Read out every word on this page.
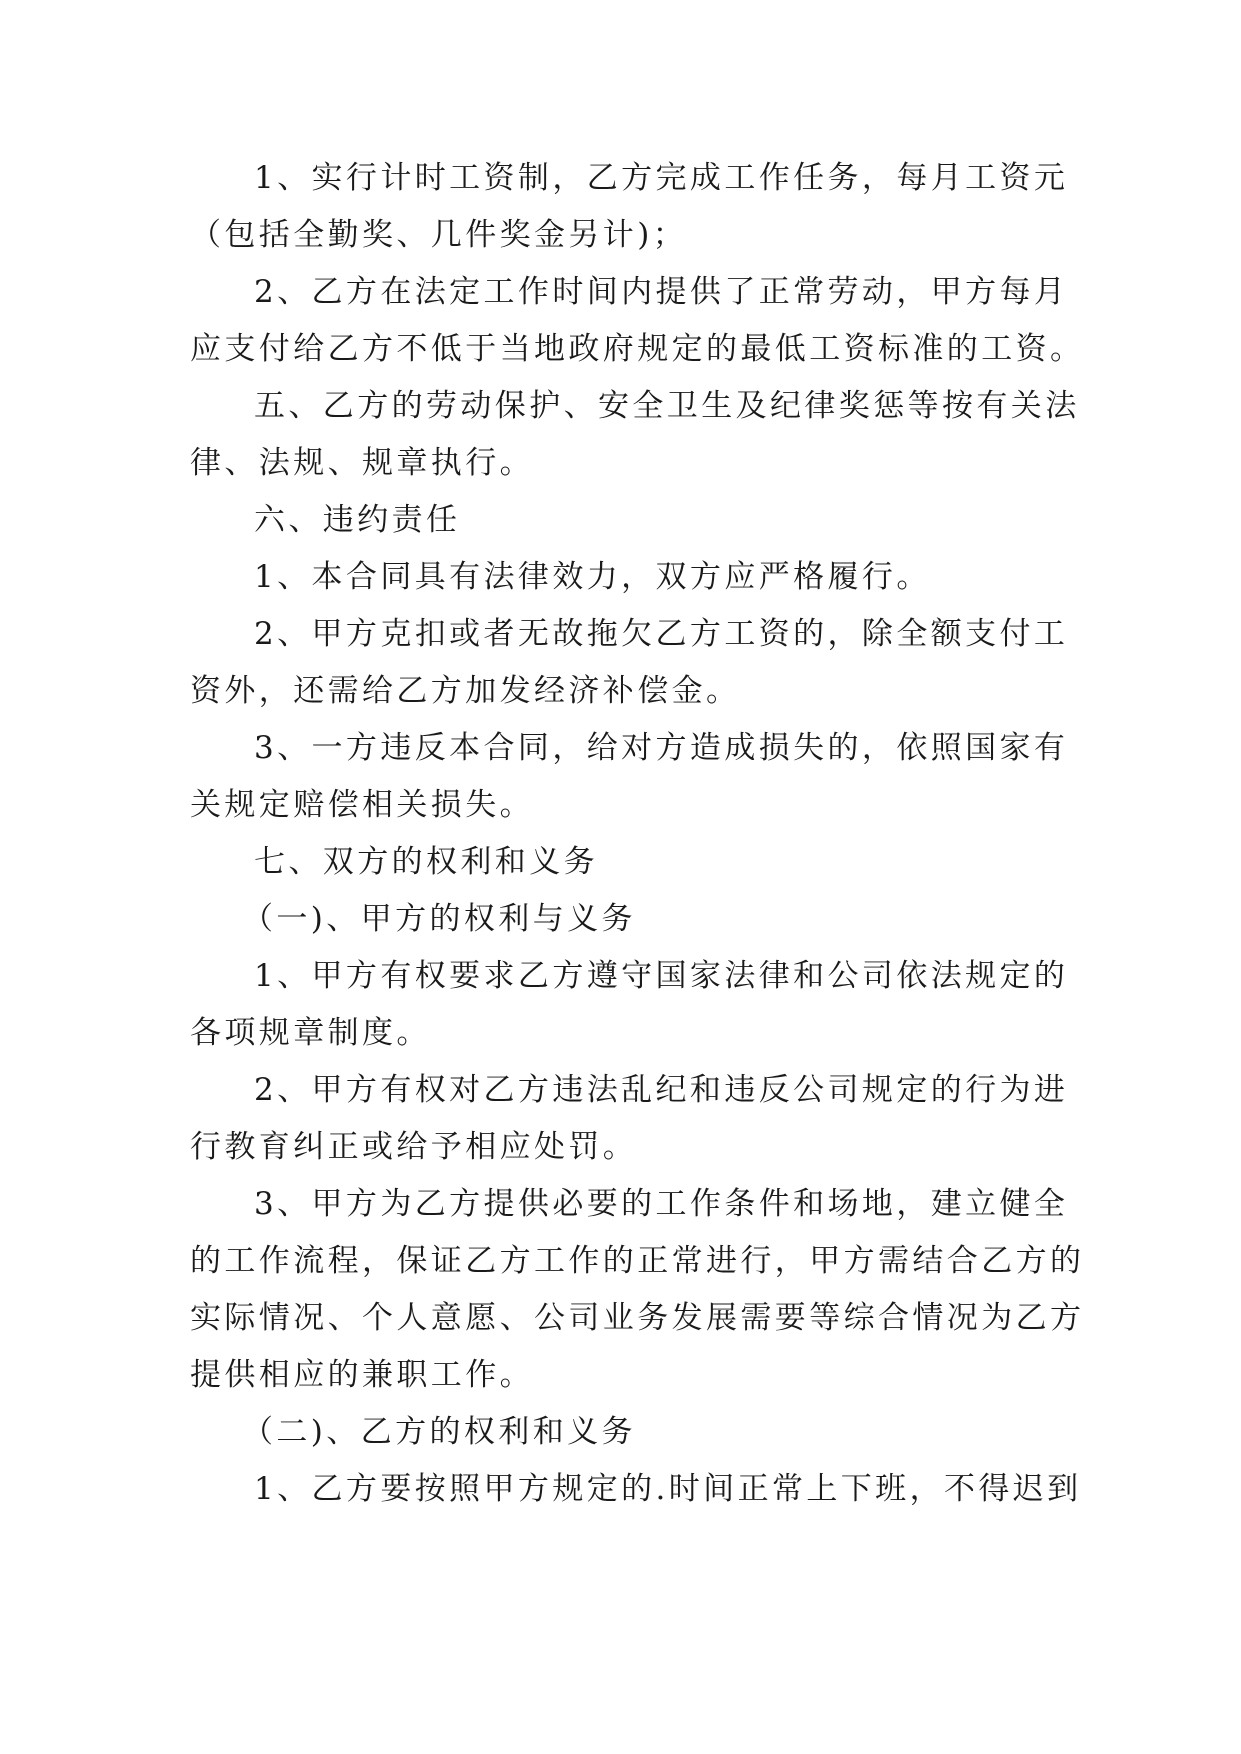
1、实行计时工资制，乙方完成工作任务，每月工资元

（包括全勤奖、几件奖金另计)；

2、乙方在法定工作时间内提供了正常劳动，甲方每月

应支付给乙方不低于当地政府规定的最低工资标准的工资。

五、乙方的劳动保护、安全卫生及纪律奖惩等按有关法

律、法规、规章执行。

六、违约责任

1、本合同具有法律效力，双方应严格履行。

2、甲方克扣或者无故拖欠乙方工资的，除全额支付工

资外，还需给乙方加发经济补偿金。

3、一方违反本合同，给对方造成损失的，依照国家有

关规定赔偿相关损失。

七、双方的权利和义务

（一)、甲方的权利与义务

1、甲方有权要求乙方遵守国家法律和公司依法规定的

各项规章制度。

2、甲方有权对乙方违法乱纪和违反公司规定的行为进

行教育纠正或给予相应处罚。

3、甲方为乙方提供必要的工作条件和场地，建立健全

的工作流程，保证乙方工作的正常进行，甲方需结合乙方的

实际情况、个人意愿、公司业务发展需要等综合情况为乙方

提供相应的兼职工作。

（二)、乙方的权利和义务

1、乙方要按照甲方规定的.时间正常上下班，不得迟到
